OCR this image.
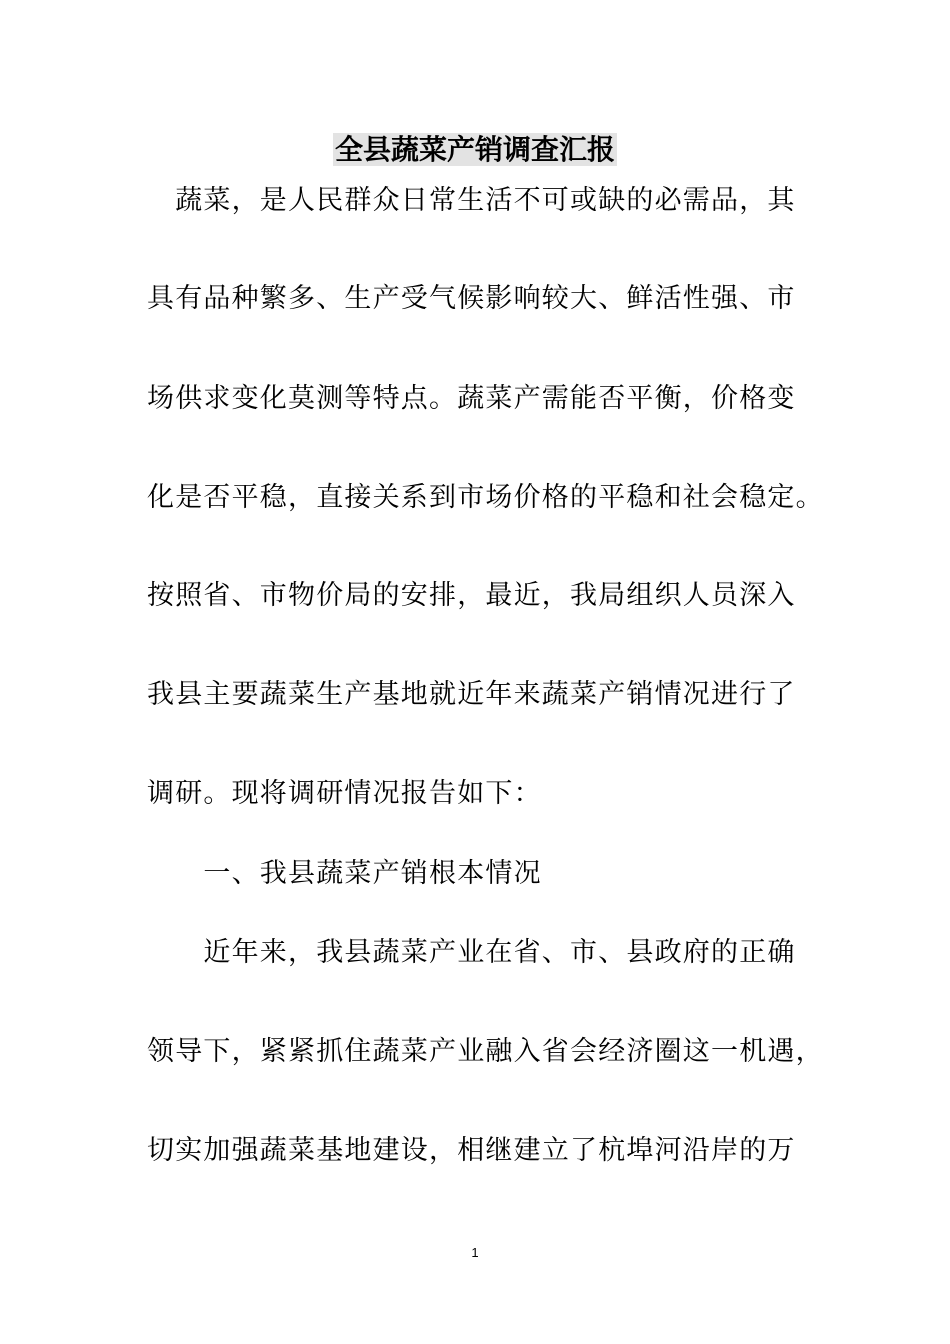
全县蔬菜产销调查汇报
　蔬菜，是人民群众日常生活不可或缺的必需品，其
具有品种繁多、生产受气候影响较大、鲜活性强、市
场供求变化莫测等特点。蔬菜产需能否平衡，价格变
化是否平稳，直接关系到市场价格的平稳和社会稳定。
按照省、市物价局的安排，最近，我局组织人员深入
我县主要蔬菜生产基地就近年来蔬菜产销情况进行了
调研。现将调研情况报告如下：
　　一、我县蔬菜产销根本情况
　　近年来，我县蔬菜产业在省、市、县政府的正确
领导下，紧紧抓住蔬菜产业融入省会经济圈这一机遇，
切实加强蔬菜基地建设，相继建立了杭埠河沿岸的万
1
